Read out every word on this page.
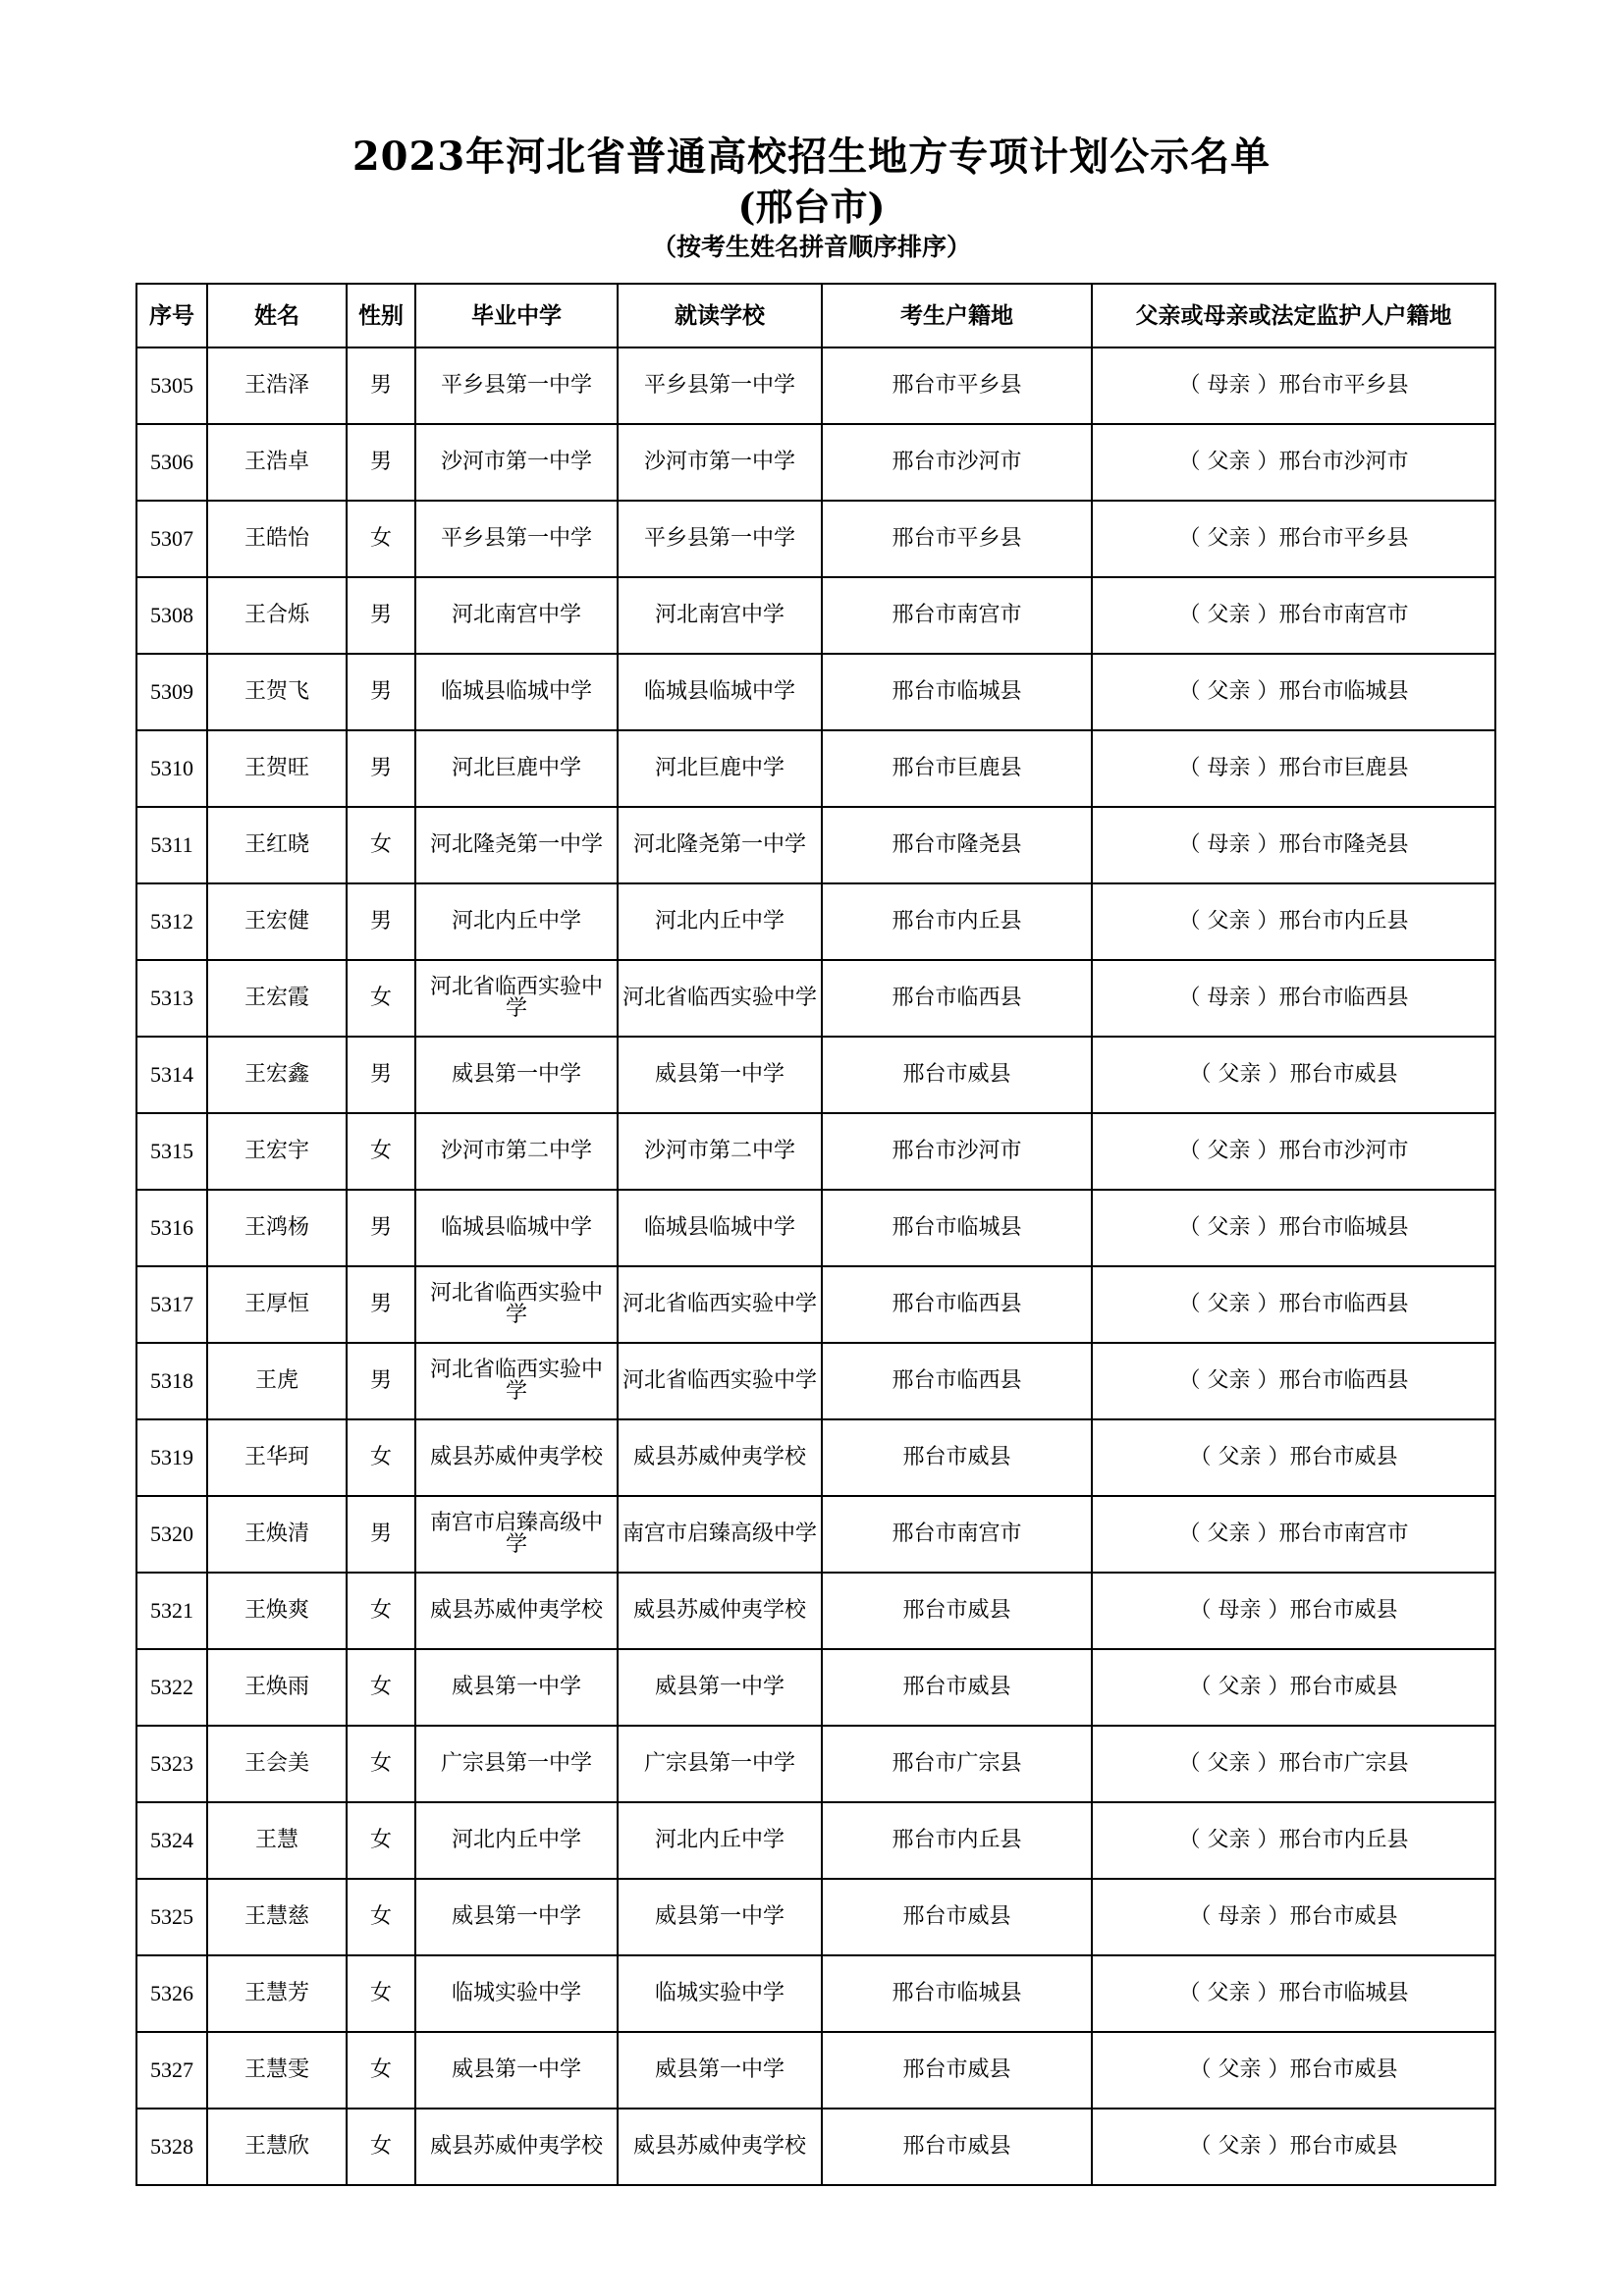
2023年河北省普通高校招生地方专项计划公示名单
(邢台市)
（按考生姓名拼音顺序排序）
序号	姓名	性别	毕业中学	就读学校	考生户籍地	父亲或母亲或法定监护人户籍地
5305	王浩泽	男	平乡县第一中学	平乡县第一中学	邢台市平乡县	（ 母亲 ）邢台市平乡县
5306	王浩卓	男	沙河市第一中学	沙河市第一中学	邢台市沙河市	（ 父亲 ）邢台市沙河市
5307	王皓怡	女	平乡县第一中学	平乡县第一中学	邢台市平乡县	（ 父亲 ）邢台市平乡县
5308	王合烁	男	河北南宫中学	河北南宫中学	邢台市南宫市	（ 父亲 ）邢台市南宫市
5309	王贺飞	男	临城县临城中学	临城县临城中学	邢台市临城县	（ 父亲 ）邢台市临城县
5310	王贺旺	男	河北巨鹿中学	河北巨鹿中学	邢台市巨鹿县	（ 母亲 ）邢台市巨鹿县
5311	王红晓	女	河北隆尧第一中学	河北隆尧第一中学	邢台市隆尧县	（ 母亲 ）邢台市隆尧县
5312	王宏健	男	河北内丘中学	河北内丘中学	邢台市内丘县	（ 父亲 ）邢台市内丘县
5313	王宏霞	女	河北省临西实验中学	河北省临西实验中学	邢台市临西县	（ 母亲 ）邢台市临西县
5314	王宏鑫	男	威县第一中学	威县第一中学	邢台市威县	（ 父亲 ）邢台市威县
5315	王宏宇	女	沙河市第二中学	沙河市第二中学	邢台市沙河市	（ 父亲 ）邢台市沙河市
5316	王鸿杨	男	临城县临城中学	临城县临城中学	邢台市临城县	（ 父亲 ）邢台市临城县
5317	王厚恒	男	河北省临西实验中学	河北省临西实验中学	邢台市临西县	（ 父亲 ）邢台市临西县
5318	王虎	男	河北省临西实验中学	河北省临西实验中学	邢台市临西县	（ 父亲 ）邢台市临西县
5319	王华珂	女	威县苏威仲夷学校	威县苏威仲夷学校	邢台市威县	（ 父亲 ）邢台市威县
5320	王焕清	男	南宫市启臻高级中学	南宫市启臻高级中学	邢台市南宫市	（ 父亲 ）邢台市南宫市
5321	王焕爽	女	威县苏威仲夷学校	威县苏威仲夷学校	邢台市威县	（ 母亲 ）邢台市威县
5322	王焕雨	女	威县第一中学	威县第一中学	邢台市威县	（ 父亲 ）邢台市威县
5323	王会美	女	广宗县第一中学	广宗县第一中学	邢台市广宗县	（ 父亲 ）邢台市广宗县
5324	王慧	女	河北内丘中学	河北内丘中学	邢台市内丘县	（ 父亲 ）邢台市内丘县
5325	王慧慈	女	威县第一中学	威县第一中学	邢台市威县	（ 母亲 ）邢台市威县
5326	王慧芳	女	临城实验中学	临城实验中学	邢台市临城县	（ 父亲 ）邢台市临城县
5327	王慧雯	女	威县第一中学	威县第一中学	邢台市威县	（ 父亲 ）邢台市威县
5328	王慧欣	女	威县苏威仲夷学校	威县苏威仲夷学校	邢台市威县	（ 父亲 ）邢台市威县
